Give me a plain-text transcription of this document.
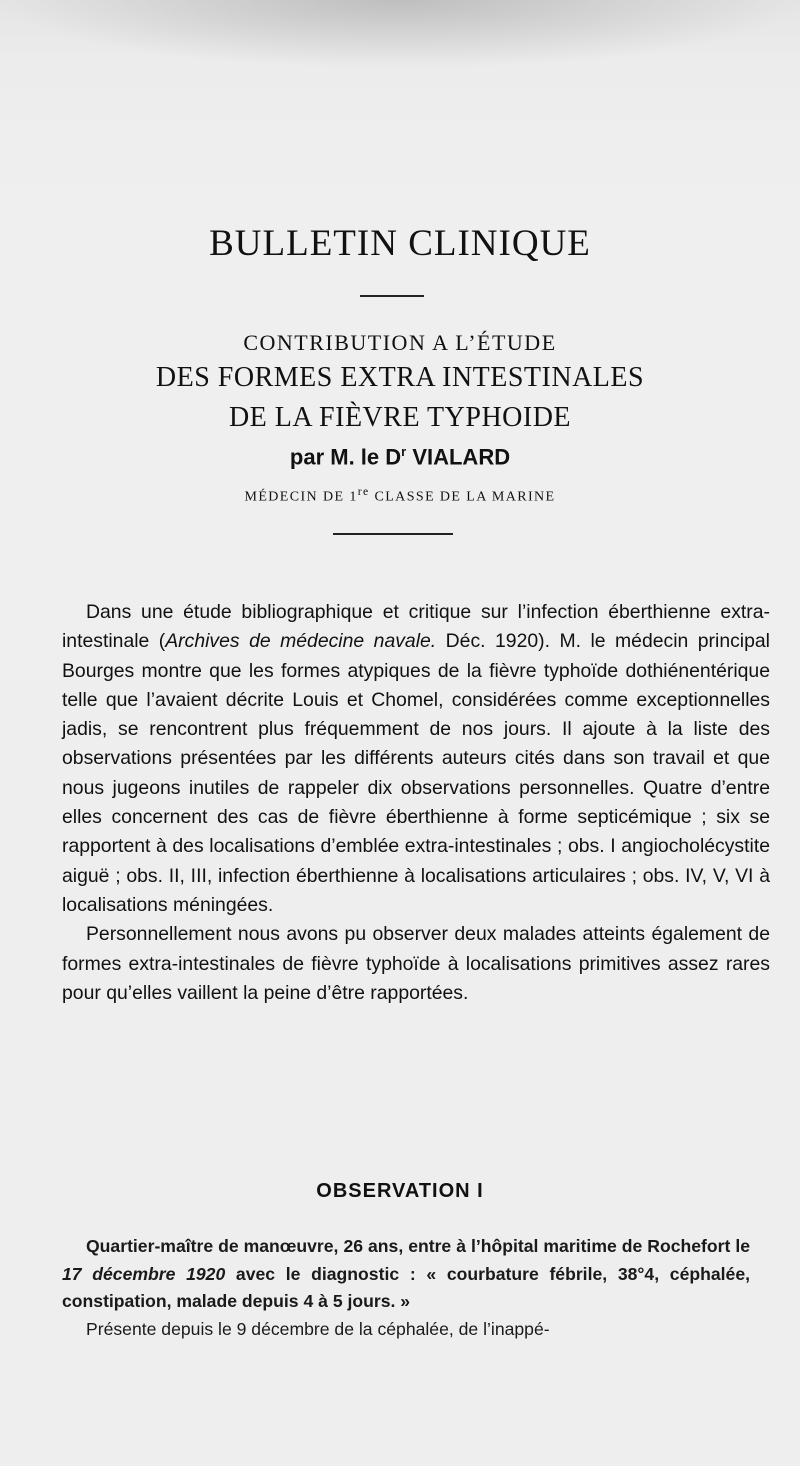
BULLETIN CLINIQUE
CONTRIBUTION A L’ÉTUDE
DES FORMES EXTRA INTESTINALES
DE LA FIÈVRE TYPHOIDE
par M. le $D^r$ VIALARD
MÉDECIN DE 1re CLASSE DE LA MARINE

Dans une étude bibliographique et critique sur l’infection éberthienne extra-intestinale (Archives de médecine navale. Déc. 1920). M. le médecin principal Bourges montre que les formes atypiques de la fièvre typhoïde dothiénentérique telle que l’avaient décrite Louis et Chomel, considérées comme exceptionnelles jadis, se rencontrent plus fréquemment de nos jours. Il ajoute à la liste des observations présentées par les différents auteurs cités dans son travail et que nous jugeons inutiles de rappeler dix observations personnelles. Quatre d’entre elles concernent des cas de fièvre éberthienne à forme septicémique ; six se rapportent à des localisations d’emblée extra-intestinales ; obs. I angiocholécystite aiguë ; obs. II, III, infection éberthienne à localisations articulaires ; obs. IV, V, VI à localisations méningées.

Personnellement nous avons pu observer deux malades atteints également de formes extra-intestinales de fièvre typhoïde à localisations primitives assez rares pour qu’elles vaillent la peine d’être rapportées.

OBSERVATION I

Quartier-maître de manœuvre, 26 ans, entre à l’hôpital maritime de Rochefort le 17 décembre 1920 avec le diagnostic : « courbature fébrile, 38°4, céphalée, constipation, malade depuis 4 à 5 jours. »

Présente depuis le 9 décembre de la céphalée, de l’inappé-
